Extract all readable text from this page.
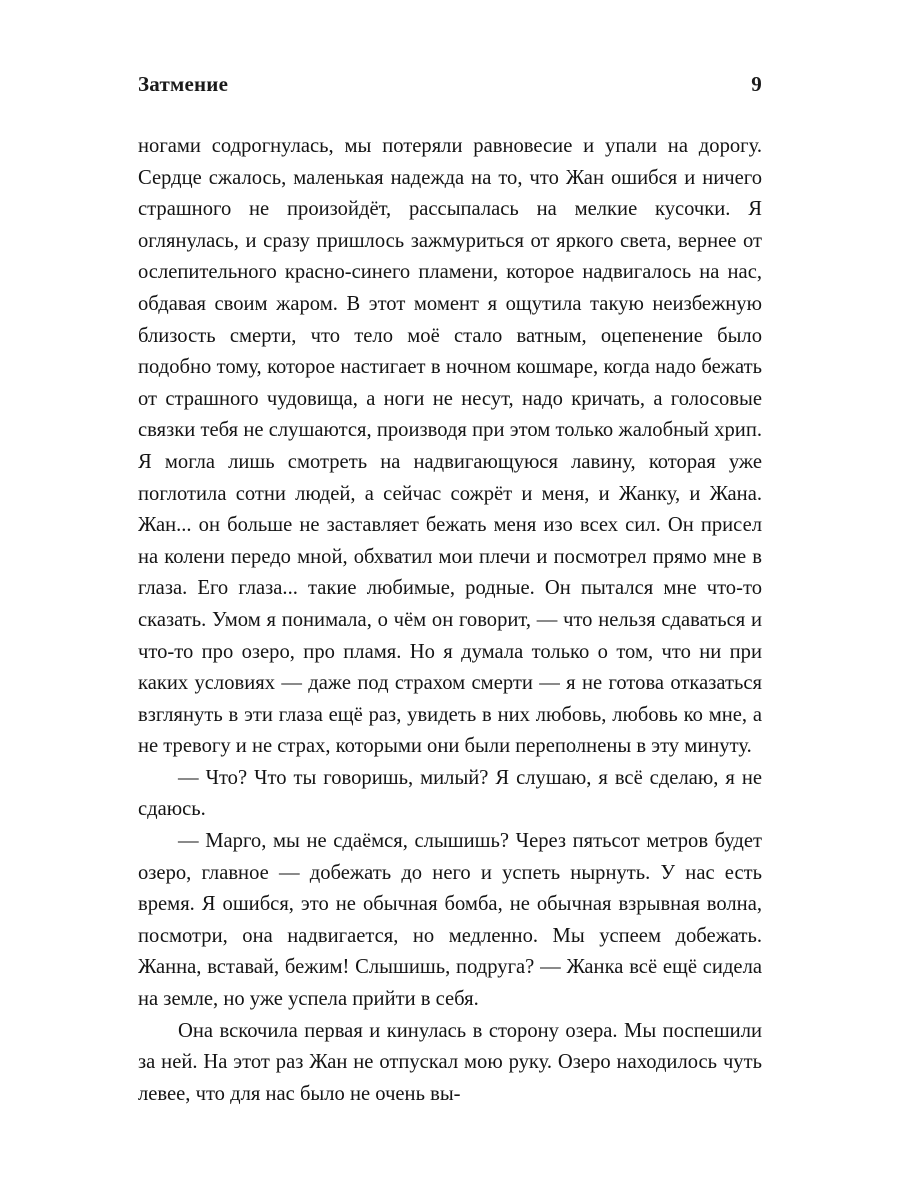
Затмение	9

ногами содрогнулась, мы потеряли равновесие и упали на дорогу. Сердце сжалось, маленькая надежда на то, что Жан ошибся и ничего страшного не произойдёт, рассыпалась на мелкие кусочки. Я оглянулась, и сразу пришлось зажмуриться от яркого света, вернее от ослепительного красно-синего пламени, которое надвигалось на нас, обдавая своим жаром. В этот момент я ощутила такую неизбежную близость смерти, что тело моё стало ватным, оцепенение было подобно тому, которое настигает в ночном кошмаре, когда надо бежать от страшного чудовища, а ноги не несут, надо кричать, а голосовые связки тебя не слушаются, производя при этом только жалобный хрип. Я могла лишь смотреть на надвигающуюся лавину, которая уже поглотила сотни людей, а сейчас сожрёт и меня, и Жанку, и Жана. Жан... он больше не заставляет бежать меня изо всех сил. Он присел на колени передо мной, обхватил мои плечи и посмотрел прямо мне в глаза. Его глаза... такие любимые, родные. Он пытался мне что-то сказать. Умом я понимала, о чём он говорит, — что нельзя сдаваться и что-то про озеро, про пламя. Но я думала только о том, что ни при каких условиях — даже под страхом смерти — я не готова отказаться взглянуть в эти глаза ещё раз, увидеть в них любовь, любовь ко мне, а не тревогу и не страх, которыми они были переполнены в эту минуту.

— Что? Что ты говоришь, милый? Я слушаю, я всё сделаю, я не сдаюсь.

— Марго, мы не сдаёмся, слышишь? Через пятьсот метров будет озеро, главное — добежать до него и успеть нырнуть. У нас есть время. Я ошибся, это не обычная бомба, не обычная взрывная волна, посмотри, она надвигается, но медленно. Мы успеем добежать. Жанна, вставай, бежим! Слышишь, подруга? — Жанка всё ещё сидела на земле, но уже успела прийти в себя.

Она вскочила первая и кинулась в сторону озера. Мы поспешили за ней. На этот раз Жан не отпускал мою руку. Озеро находилось чуть левее, что для нас было не очень вы-
